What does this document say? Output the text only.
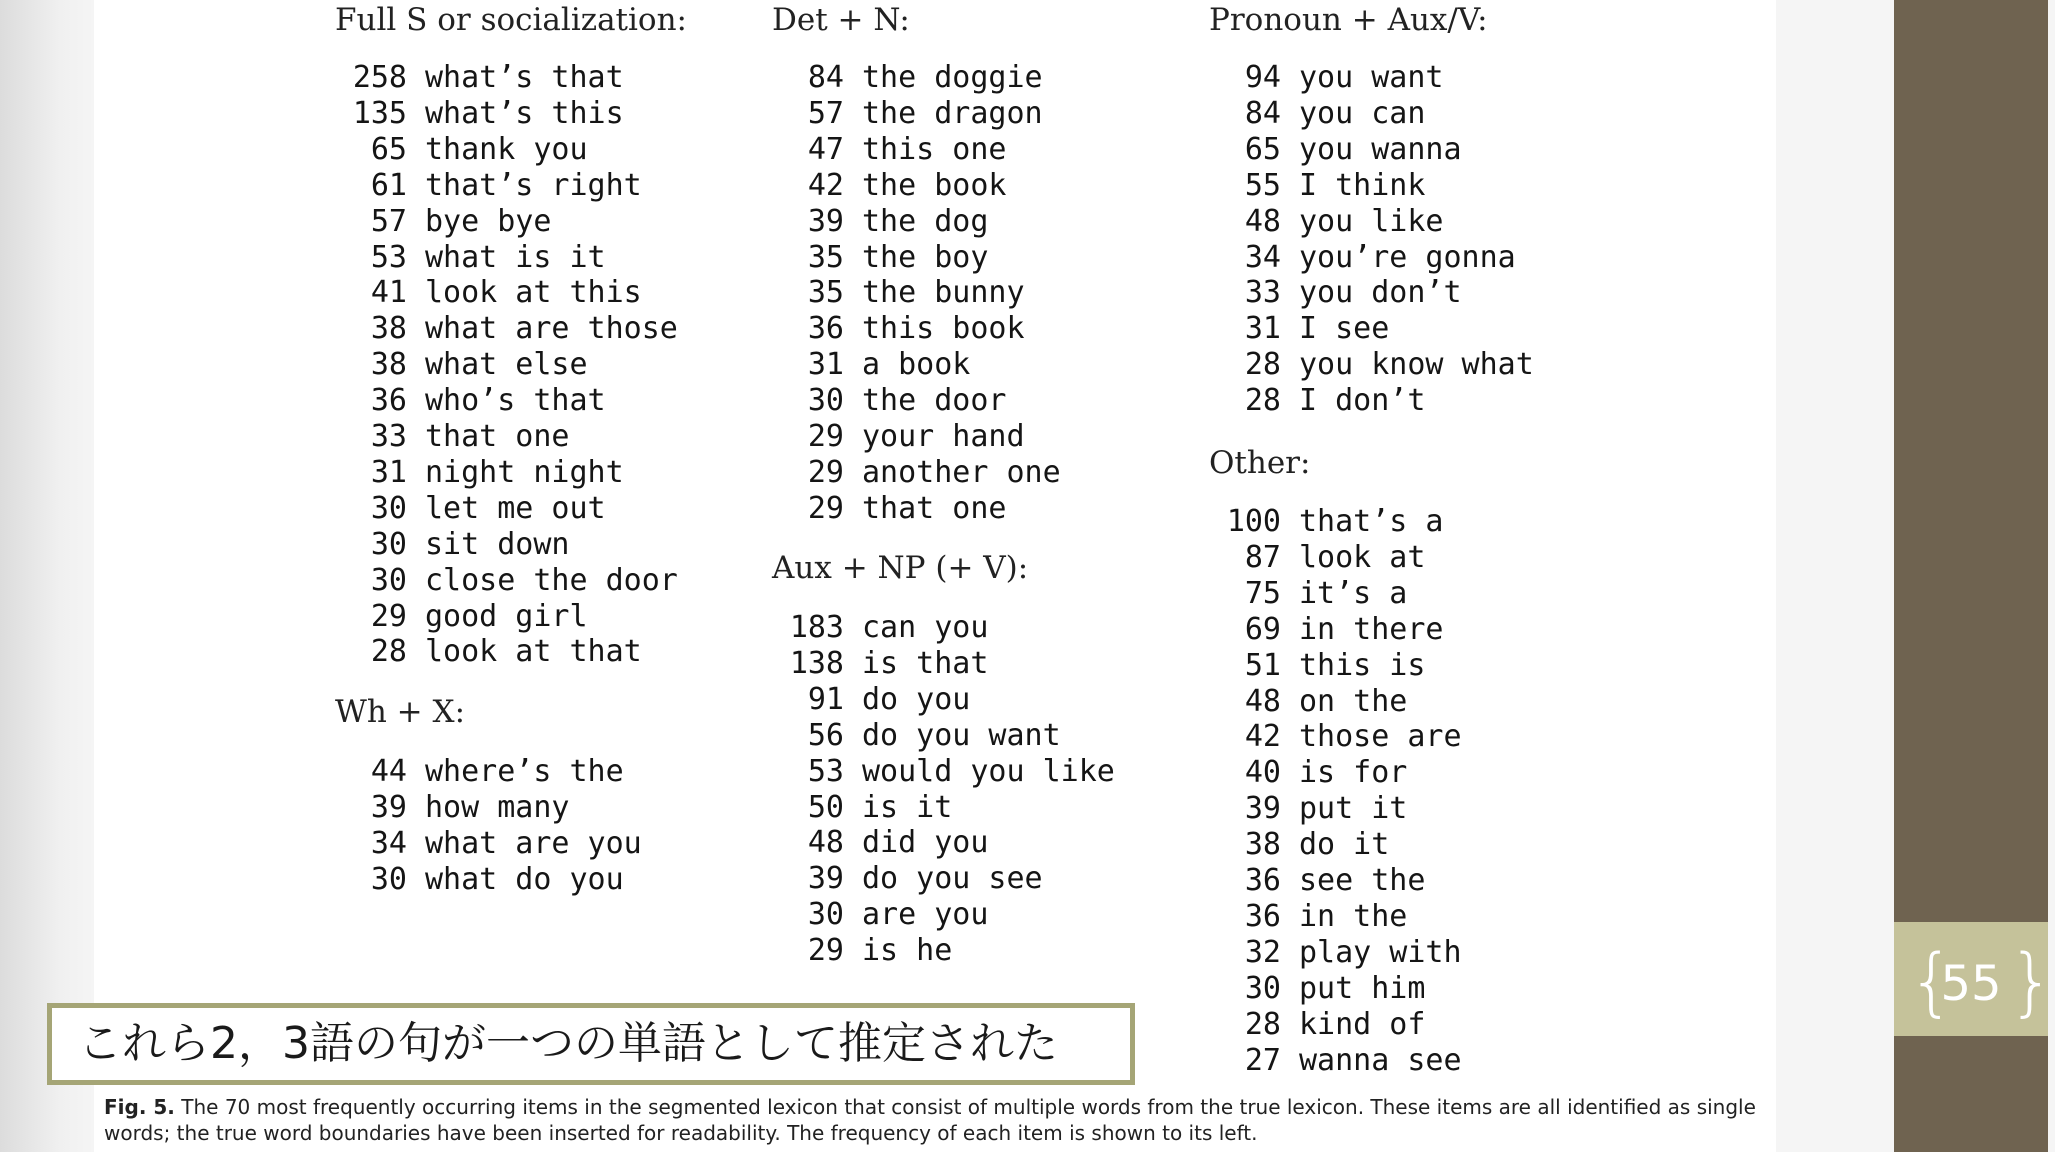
Full S or socialization:
258 what’s that
135 what’s this
65 thank you
61 that’s right
57 bye bye
53 what is it
41 look at this
38 what are those
38 what else
36 who’s that
33 that one
31 night night
30 let me out
30 sit down
30 close the door
29 good girl
28 look at that
Wh + X:
44 where’s the
39 how many
34 what are you
30 what do you
Det + N:
84 the doggie
57 the dragon
47 this one
42 the book
39 the dog
35 the boy
35 the bunny
36 this book
31 a book
30 the door
29 your hand
29 another one
29 that one
Aux + NP (+ V):
183 can you
138 is that
91 do you
56 do you want
53 would you like
50 is it
48 did you
39 do you see
30 are you
29 is he
Pronoun + Aux/V:
94 you want
84 you can
65 you wanna
55 I think
48 you like
34 you’re gonna
33 you don’t
31 I see
28 you know what
28 I don’t
Other:
100 that’s a
87 look at
75 it’s a
69 in there
51 this is
48 on the
42 those are
40 is for
39 put it
38 do it
36 see the
36 in the
32 play with
30 put him
28 kind of
27 wanna see
これら2，3語の句が一つの単語として推定された
Fig. 5. The 70 most frequently occurring items in the segmented lexicon that consist of multiple words from the true lexicon. These items are all identified as single words; the true word boundaries have been inserted for readability. The frequency of each item is shown to its left.
{
55 }
